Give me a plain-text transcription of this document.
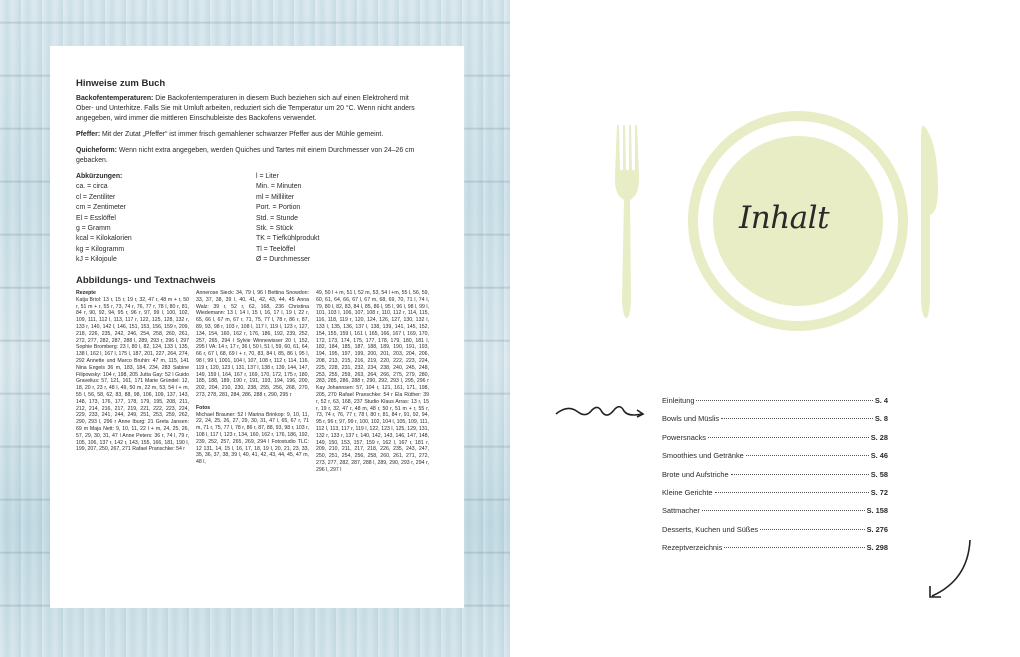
Hinweise zum Buch
Backofentemperaturen: Die Backofentemperaturen in diesem Buch beziehen sich auf einen Elektroherd mit Ober- und Unterhitze. Falls Sie mit Umluft arbeiten, reduziert sich die Temperatur um 20 °C. Wenn nicht anders angegeben, wird immer die mittleren Einschubleiste des Backofens verwendet.
Pfeffer: Mit der Zutat „Pfeffer“ ist immer frisch gemahlener schwarzer Pfeffer aus der Mühle gemeint.
Quicheform: Wenn nicht extra angegeben, werden Quiches und Tartes mit einem Durchmesser von 24–26 cm gebacken.
Abkürzungen:
ca. = circa
cl = Zentiliter
cm = Zentimeter
El = Esslöffel
g = Gramm
kcal = Kilokalorien
kg = Kilogramm
kJ = Kilojoule
l = Liter
Min. = Minuten
ml = Milliliter
Port. = Portion
Std. = Stunde
Stk. = Stück
TK = Tiefkühlprodukt
Tl = Teelöffel
Ø = Durchmesser
Abbildungs- und Textnachweis
Rezepte
Katja Briol: 13 r, 15 r, 19 r, 32, 47 r, 48 m + r, 50 r, 51 m + r, 55 r, 73, 74 r, 76, 77 r, 78 l, 80 r, 81, 84 r, 90, 92, 94, 95 r, 96 r, 97, 99 l, 100, 102, 109, 111, 112 l, 113, 117 r, 122, 125, 128, 132 r, 133 r, 140, 142 l, 146, 151, 153, 156, 159 r, 209, 218, 226, 235, 242, 246, 254, 258, 260, 261, 272, 277, 282, 287, 288 l, 289, 293 r, 296 l, 297 Sophie Bromberg: 23 l, 80 l, 82, 124, 133 l, 135, 138 l, 162 l, 167 l, 175 l, 187, 201, 227, 264, 274, 292 Annette und Marco Bruhin: 47 m, 115, 141 Nina Engels 36 m, 183, 184, 234, 283 Sabine Filipowsky: 104 r, 198, 205 Jutta Gay: 52 l Guido Gravelius: 57, 121, 161, 171 Marie Gründel: 12, 18, 20 r, 23 r, 48 l, 49, 50 m, 22 m, 53, 54 l + m, 55 l, 56, 58, 62, 83, 88, 98, 106, 109, 137, 143, 148, 173, 176, 177, 178, 179, 195, 208, 211, 212, 214, 216, 217, 219, 221, 222, 223, 224, 229, 233, 241, 244, 249, 251, 253, 259, 262, 290, 293 l, 296 r Anne Iburg: 21 Greta Jansen: 69 m Maja Nett: 9, 10, 11, 22 l + m, 24, 25, 26, 57, 29, 30, 31, 47 l Anne Peters: 36 r, 74 l, 79 r, 105, 106, 137 r, 142 r, 143, 155, 166, 181, 190 l, 199, 207, 250, 267, 271 Rafael Pranschke: 54 r
Annerose Sieck: 34, 79 l, 96 l Bettina Snowdon: 33, 37, 38, 39 l, 40, 41, 42, 43, 44, 45 Anna Walz: 39 r, 52 r, 62, 168, 236 Christina Wiedemann: 13 l, 14 l, 15 l, 16, 17 l, 19 l, 22 r, 65, 66 l, 67 m, 67 r, 71, 75, 77 l, 78 r, 86 r, 87, 89, 93, 98 r, 103 r, 108 l, 117 l, 119 l, 123 r, 127, 134, 154, 160, 162 r, 176, 186, 192, 239, 252, 257, 265, 294 l Sylvie Winnewisser 20 l, 152, 295 l VA: 14 r, 17 r, 36 l, 50 l, 51 l, 59, 60, 61, 64, 66 r, 67 l, 68, 69 l + r, 70, 83, 84 l, 85, 86 l, 95 l, 98 l, 99 l, 1001, 104 l, 107, 108 r, 112 r, 114, 116, 119 r, 120, 123 l, 131, 137 l, 138 r, 139, 144, 147, 149, 159 l, 164, 167 r, 169, 170, 172, 175 r, 180, 185, 188, 189, 190 r, 191, 193, 194, 196, 200, 202, 204, 210, 230, 238, 255, 256, 268, 270, 273, 278, 281, 284, 286, 288 r, 290, 295 r
Fotos
Michael Brauner: 52 l Marina Brinkop: 9, 10, 11, 22, 24, 25, 26, 27, 29, 30, 31, 47 l, 65, 67 r, 71 m, 71 r, 75, 77 l, 78 r, 86 r, 87, 88, 93, 98 r, 103 r, 108 l, 117 l, 123 r, 134, 160, 162 r, 176, 186, 192, 239, 252, 257, 265, 269, 294 l Fotostudio TLC: 12 131, 14, 15 l, 16, 17, 18, 19 l, 20, 21, 23, 33, 35, 36, 37, 38, 39 l, 40, 41, 42, 43, 44, 45, 47 m, 48 l,
49, 50 l + m, 51 l, 52 m, 53, 54 l +m, 55 l, 56, 59, 60, 61, 64, 66, 67 l, 67 m, 68, 69, 70, 71 l, 74 l, 79, 80 l, 82, 83, 84 l, 85, 86 l, 95 l, 96 l, 98 l, 99 l, 101, 103 l, 106, 107, 108 r, 110, 112 r, 114, 115, 116, 118, 119 r, 120, 124, 126, 127, 130, 132 l, 133 l, 135, 136, 137 l, 138, 139, 141, 145, 152, 154, 155, 159 l, 161 l, 165, 166, 167 l, 169, 170, 172, 173, 174, 175, 177, 178, 179, 180, 181 l, 182, 184, 185, 187, 188, 189, 190, 191, 193, 194, 195, 197, 199, 200, 201, 203, 204, 206, 208, 213, 215, 216, 219, 220, 222, 223, 224, 225, 228, 231, 232, 234, 238, 240, 245, 248, 253, 255, 259, 263, 264, 266, 275, 279, 280, 283, 285, 286, 288 r, 290, 292, 293 l, 295, 296 r Kay Johannsen: 57, 104 r, 121, 161, 171, 198, 205, 270 Rafael Pranschke: 54 r Ela Rüther: 39 r, 52 r, 63, 168, 237 Studio Klaus Arras: 13 r, 15 r, 19 r, 32, 47 r, 48 m, 48 r, 50 r, 51 m + r, 55 r, 73, 74 r, 76, 77 r, 78 l, 80 r, 81, 84 r, 91, 92, 94, 95 r, 96 r, 97, 99 r, 100, 102, 104 l, 105, 109, 111, 112 l, 113, 117 r, 119 l, 122, 123 l, 125, 129, 131, 132 r, 133 r, 137 r, 140, 142, 143, 146, 147, 148, 149, 150, 153, 157, 159 r, 162 l, 167 r, 181 r, 209, 210, 211, 217, 218, 226, 235, 243, 247, 250, 251, 254, 256, 258, 260, 261, 271, 272, 273, 277, 282, 287, 288 l, 289, 290, 293 r, 294 r, 296 l, 297 l
Inhalt
Einleitung	S. 4
Bowls und Müslis	S. 8
Powersnacks	S. 28
Smoothies und Getränke	S. 46
Brote und Aufstriche	S. 58
Kleine Gerichte	S. 72
Sattmacher	S. 158
Desserts, Kuchen und Süßes	S. 276
Rezeptverzeichnis	S. 298
